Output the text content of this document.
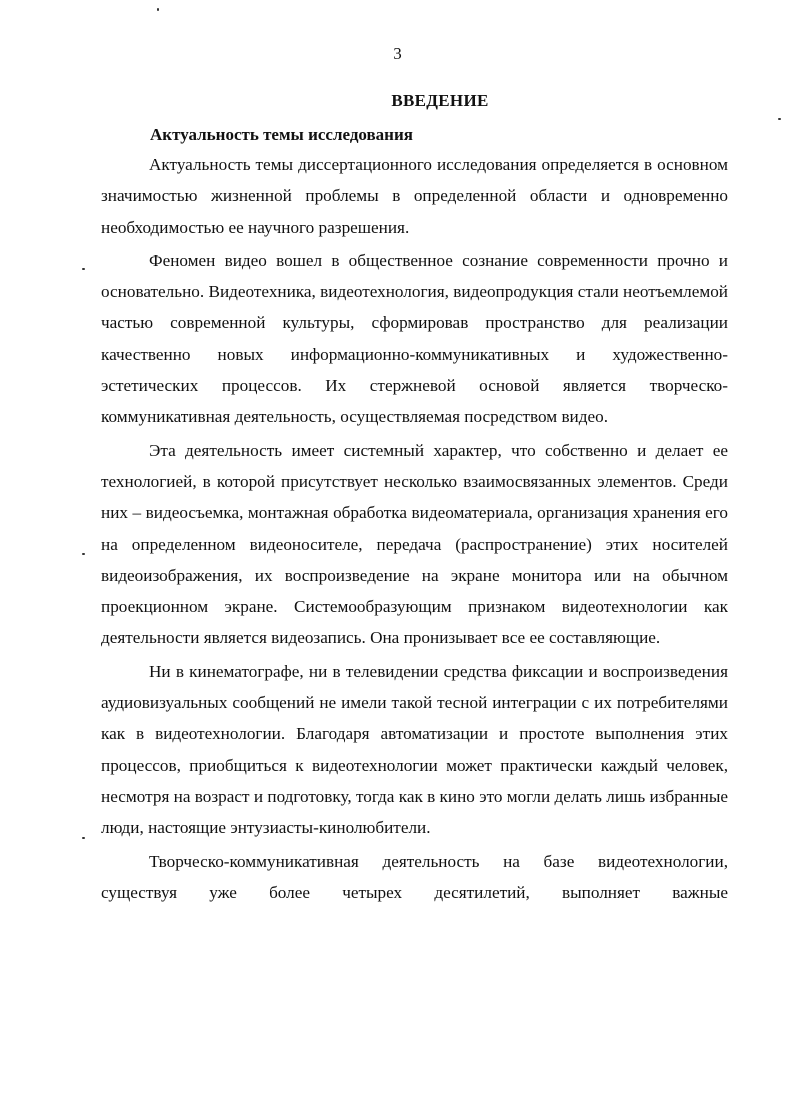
3
ВВЕДЕНИЕ
Актуальность темы исследования

Актуальность темы диссертационного исследования определяется в основном значимостью жизненной проблемы в определенной области и одновременно необходимостью ее научного разрешения.

Феномен видео вошел в общественное сознание современности прочно и основательно. Видеотехника, видеотехнология, видеопродукция стали неотъемлемой частью современной культуры, сформировав пространство для реализации качественно новых информационно-коммуникативных и художественно-эстетических процессов. Их стержневой основой является творческо-коммуникативная деятельность, осуществляемая посредством видео.

Эта деятельность имеет системный характер, что собственно и делает ее технологией, в которой присутствует несколько взаимосвязанных элементов. Среди них – видеосъемка, монтажная обработка видеоматериала, организация хранения его на определенном видеоносителе, передача (распространение) этих носителей видеоизображения, их воспроизведение на экране монитора или на обычном проекционном экране. Системообразующим признаком видеотехнологии как деятельности является видеозапись. Она пронизывает все ее составляющие.

Ни в кинематографе, ни в телевидении средства фиксации и воспроизведения аудиовизуальных сообщений не имели такой тесной интеграции с их потребителями как в видеотехнологии. Благодаря автоматизации и простоте выполнения этих процессов, приобщиться к видеотехнологии может практически каждый человек, несмотря на возраст и подготовку, тогда как в кино это могли делать лишь избранные люди, настоящие энтузиасты-кинолюбители.

Творческо-коммуникативная деятельность на базе видеотехнологии, существуя уже более четырех десятилетий, выполняет важные
